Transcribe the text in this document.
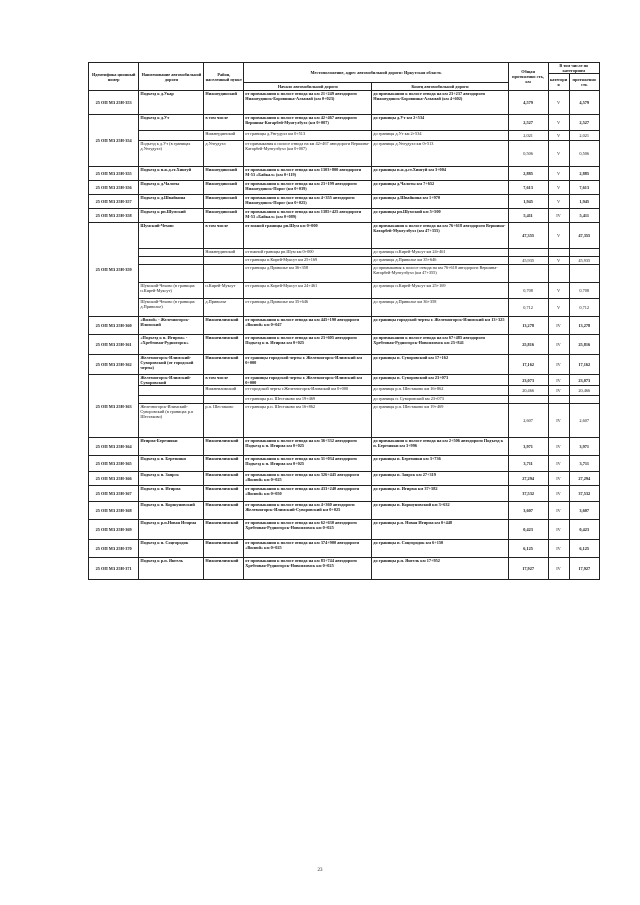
Идентифика ционный номер	Наименование автомобильной дороги	Район, населенный пункт	Местоположение, адрес автомобильной дороги: Иркутская область		Общая протяженно сть, км	В том числе по категориям	
						категори я	протяженно сть
			Начало автомобильной дороги	Конец автомобильной дороги			
25 ОП МЗ 25Н-353	Подъезд к д.Укар	Нижнеудинский	от примыкания к полосе отвода на км 21+249 автодороги Нижнеудинск-Боровинка-Алзамай (км 0+023)	до примыкания к полосе отвода на км 23+237 автодороги Нижнеудинск-Боровинка-Алзамай (км 4+602)	4,579	V	4,579
25 ОП МЗ 25Н-354	Подъезд к д.Ут	в том числе	от примыкания к полосе отвода на км 42+467 автодороги Вершина-Катарбей-Мунгулбухэ (км 0+007)	до границы д.Ут км 2+534	2,527	V	2,527
		Нижнеудинский	от границы д.Унгудухэ км 0+513	до границы д.Ут км 2+534	2,021	V	2,021
	Подъезд к д.Ут (в границах д.Унгудухэ)	д.Унгудухэ	от примыкания к полосе отвода на км 42+467 автодороги Вершина-Катарбей-Мунгулбухэ (км 0+007)	до границы д.Унгудухэ км 0+513	0,506	V	0,506
25 ОП МЗ 25Н-355	Подъезд к п.ж.д.ст.Хингуй	Нижнеудинский	от примыкания к полосе отвода на км 1303+800 автодороги М-53 «Байкал» (км 0+119)	до границы п.ж.д.ст.Хингуй км 3+004	2,885	V	2,885
25 ОП МЗ 25Н-356	Подъезд к д.Чалоты	Нижнеудинский	от примыкания к полосе отвода на км 23+199 автодороги Нижнеудинск-Порог (км 0+039)	до границы д.Чалоты км 7+652	7,613	V	7,613
25 ОП МЗ 25Н-357	Подъезд к д.Швайкина	Нижнеудинский	от примыкания к полосе отвода на км 4+355 автодороги Нижнеудинск-Порог (км 0+025)	до границы д.Швайкина км 1+970	1,945	V	1,945
25 ОП МЗ 25Н-358	Подъезд к рп.Шумский	Нижнеудинский	от примыкания к полосе отвода на км 1385+425 автодороги М-53 «Байкал» (км 0+089)	до границы рп.Шумский км 5+500	5,411	IV	5,411
25 ОП МЗ 25Н-359	Шумский-Чеховс	в том числе	от южной границы рп.Шум км 0+000	до примыкания к полосе отвода на км 76+618 автодороги Вершина-Катарбей-Мунгулбухэ (км 47+355)	47,355	V	47,355
		Нижнеудинский	от южной границы рп.Шум км 0+000	до границы п.Кирей-Муксут км 24+461			
			от границы п.Кирей-Муксут км 25+169	до границы д.Приволье км 35+646	45,935	V	45,935
			от границы д.Приволье км 36+358	до примыкания к полосе отвода на км 76+618 автодороги Вершина-Катарбей-Мунгулбухэ (км 47+355)			
	Шумский-Чехово (в границах п.Кирей-Муксут)	п.Кирей-Муксут	от границы п.Кирей-Муксут км 24+461	до границы п.Кирей-Муксут км 25+169	0,708	V	0,708
	Шумский-Чехово (в границах д.Приволье)	д.Приволье	от границы д.Приволье км 35+646	до границы д.Приволье км 36+358	0,712	V	0,712
25 ОП МЗ 25Н-360	«Вилой» - Железногорск-Илимский	Нижнеилимский	от примыкания к полосе отвода на км 445+190 автодороги «Вилюй» км 0+047	до границы городской черты г. Железногорск-Илимский км 13+325	13,278	IV	13,278
25 ОП МЗ 25Н-361	«Подъезд к п. Игирма» - «Хребтовая-Рудногорск»	Нижнеилимский	от примыкания к полосе отвода на км 23+605 автодороги Подъезд к п. Игирма км 0+025	до примыкания к полосе отвода на км 67+485 автодороги Хребтовая-Рудногорск-Новоилимск км 25+841	25,816	IV	25,816
25 ОП МЗ 25Н-362	Железногорск-Илимский-Суворовский (от городской черты)	Нижнеилимский	от границы городской черты г. Железногорск-Илимский км 0+000	до границы п. Суворовский км 17+162	17,162	IV	17,162
25 ОП МЗ 25Н-363	Железногорск-Илимский-Суворовский	в том числе	от границы городской черты г. Железногорск-Илимский км 0+000	до границы п. Суворовский км 23+073	23,073	IV	23,073
		Нижнеилимский	от городской черты г.Железногорск-Илимский км 0+000	до границы р.п. Шестаково км 16+862	20,466	IV	20,466
			от границы р.п. Шестаково км 19+469	до границы п. Суворовский км 23+073			
	Железногорск-Илимский-Суворовский (в границах р.п Шестаково)	р.п. Шестаково	от границы р.п. Шестаково км 16+862	до границы р.п. Шестаково км 19+469	2,607	IV	2,607
25 ОП МЗ 25Н-364	Игирма-Березняки	Нижнеилимский	от примыкания к полосе отвода на км 36+332 автодороги Подъезд к п. Игирма км 0+025	до примыкания к полосе отвода на км 2+506 автодороги Подъезд к п. Березняки км 3+996	3,971	IV	3,971
25 ОП МЗ 25Н-365	Подъезд к п. Березняки	Нижнеилимский	от примыкания к полосе отвода на км 31+034 автодороги Подъезд к п. Игирма км 0+025	до границы п. Березняки км 3+736	3,711	IV	3,711
25 ОП МЗ 25Н-366	Подъезд к п. Заярск	Нижнеилимский	от примыкания к полосе отвода на км 326+445 автодороги «Вилюй» км 0+025	до границы п. Заярск км 27+319	27,294	IV	27,294
25 ОП МЗ 25Н-367	Подъезд к п. Игирма	Нижнеилимский	от примыкания к полосе отвода на км 433+240 автодороги «Вилюй» км 0+050	до границы п. Игирма км 37+582	37,532	IV	37,532
25 ОП МЗ 25Н-368	Подъезд к п. Коршуновский	Нижнеилимский	от примыкания к полосе отвода на км 4+360 автодороги Железногорск-Илимский-Суворовский км 0+025	до границы п. Коршуновский км 3+632	3,607	IV	3,607
25 ОП МЗ 25Н-369	Подъезд к р.п.Новая Игирма	Нижнеилимский	от примыкания к полосе отвода на км 62+630 автодороги Хребтовая-Рудногорск-Новоилимск км 0+025	до границы р.п. Новая Игирма км 0+448	0,423	IV	0,423
25 ОП МЗ 25Н-370	Подъезд к п. Соцгородок	Нижнеилимский	от примыкания к полосе отвода на км 374+900 автодороги «Вилюй» км 0+025	до границы п. Соцгородок км 6+150	6,125	IV	6,125
25 ОП МЗ 25Н-371	Подъезд к р.п. Янгель	Нижнеилимский	от примыкания к полосе отвода на км 83+744 автодороги Хребтовая-Рудногорск-Новоилимск км 0+025	до границы р.п. Янгель км 17+952	17,927	IV	17,927
23
